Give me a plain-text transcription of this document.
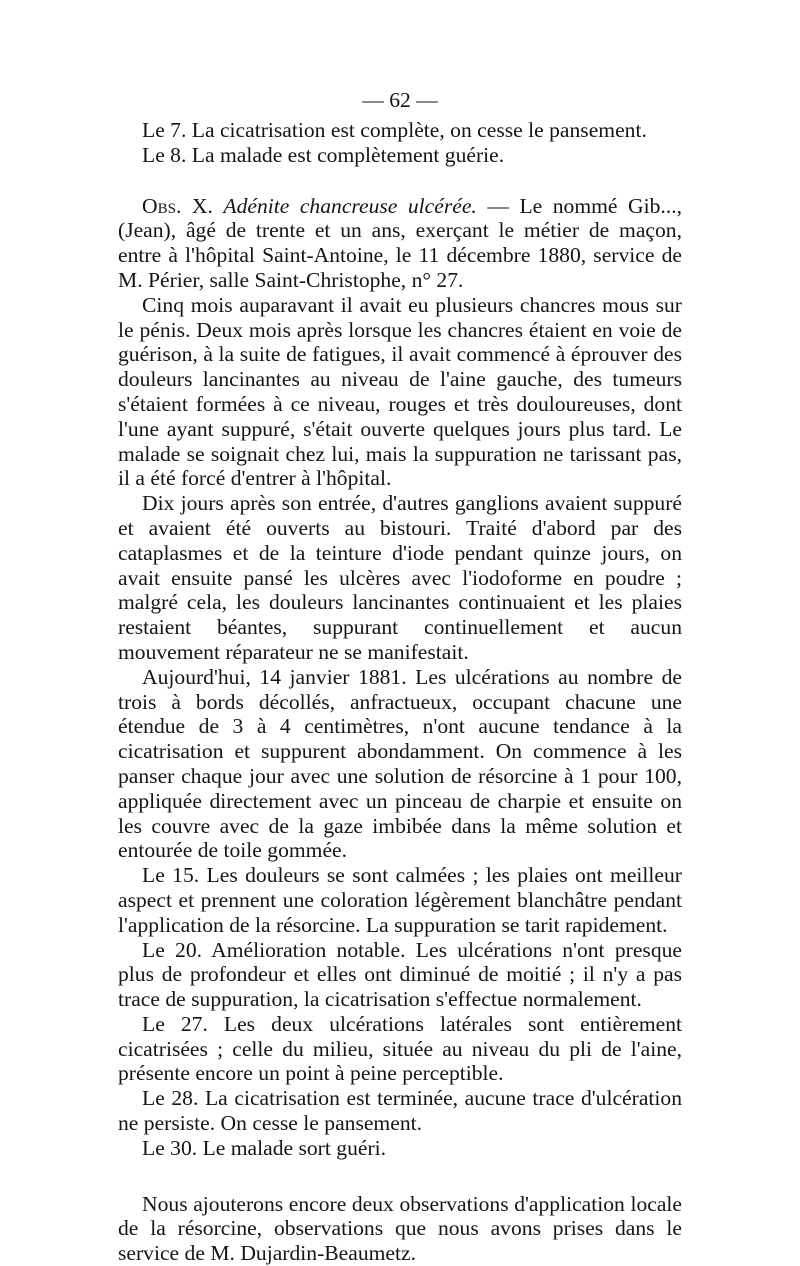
— 62 —

Le 7. La cicatrisation est complète, on cesse le pansement.

Le 8. La malade est complètement guérie.

Obs. X. Adénite chancreuse ulcérée. — Le nommé Gib..., (Jean), âgé de trente et un ans, exerçant le métier de maçon, entre à l'hôpital Saint-Antoine, le 11 décembre 1880, service de M. Périer, salle Saint-Christophe, n° 27.

Cinq mois auparavant il avait eu plusieurs chancres mous sur le pénis. Deux mois après lorsque les chancres étaient en voie de guérison, à la suite de fatigues, il avait commencé à éprouver des douleurs lancinantes au niveau de l'aine gauche, des tumeurs s'étaient formées à ce niveau, rouges et très douloureuses, dont l'une ayant suppuré, s'était ouverte quelques jours plus tard. Le malade se soignait chez lui, mais la suppuration ne tarissant pas, il a été forcé d'entrer à l'hôpital.

Dix jours après son entrée, d'autres ganglions avaient suppuré et avaient été ouverts au bistouri. Traité d'abord par des cataplasmes et de la teinture d'iode pendant quinze jours, on avait ensuite pansé les ulcères avec l'iodoforme en poudre ; malgré cela, les douleurs lancinantes continuaient et les plaies restaient béantes, suppurant continuellement et aucun mouvement réparateur ne se manifestait.

Aujourd'hui, 14 janvier 1881. Les ulcérations au nombre de trois à bords décollés, anfractueux, occupant chacune une étendue de 3 à 4 centimètres, n'ont aucune tendance à la cicatrisation et suppurent abondamment. On commence à les panser chaque jour avec une solution de résorcine à 1 pour 100, appliquée directement avec un pinceau de charpie et ensuite on les couvre avec de la gaze imbibée dans la même solution et entourée de toile gommée.

Le 15. Les douleurs se sont calmées ; les plaies ont meilleur aspect et prennent une coloration légèrement blanchâtre pendant l'application de la résorcine. La suppuration se tarit rapidement.

Le 20. Amélioration notable. Les ulcérations n'ont presque plus de profondeur et elles ont diminué de moitié ; il n'y a pas trace de suppuration, la cicatrisation s'effectue normalement.

Le 27. Les deux ulcérations latérales sont entièrement cicatrisées ; celle du milieu, située au niveau du pli de l'aine, présente encore un point à peine perceptible.

Le 28. La cicatrisation est terminée, aucune trace d'ulcération ne persiste. On cesse le pansement.

Le 30. Le malade sort guéri.

Nous ajouterons encore deux observations d'application locale de la résorcine, observations que nous avons prises dans le service de M. Dujardin-Beaumetz.
